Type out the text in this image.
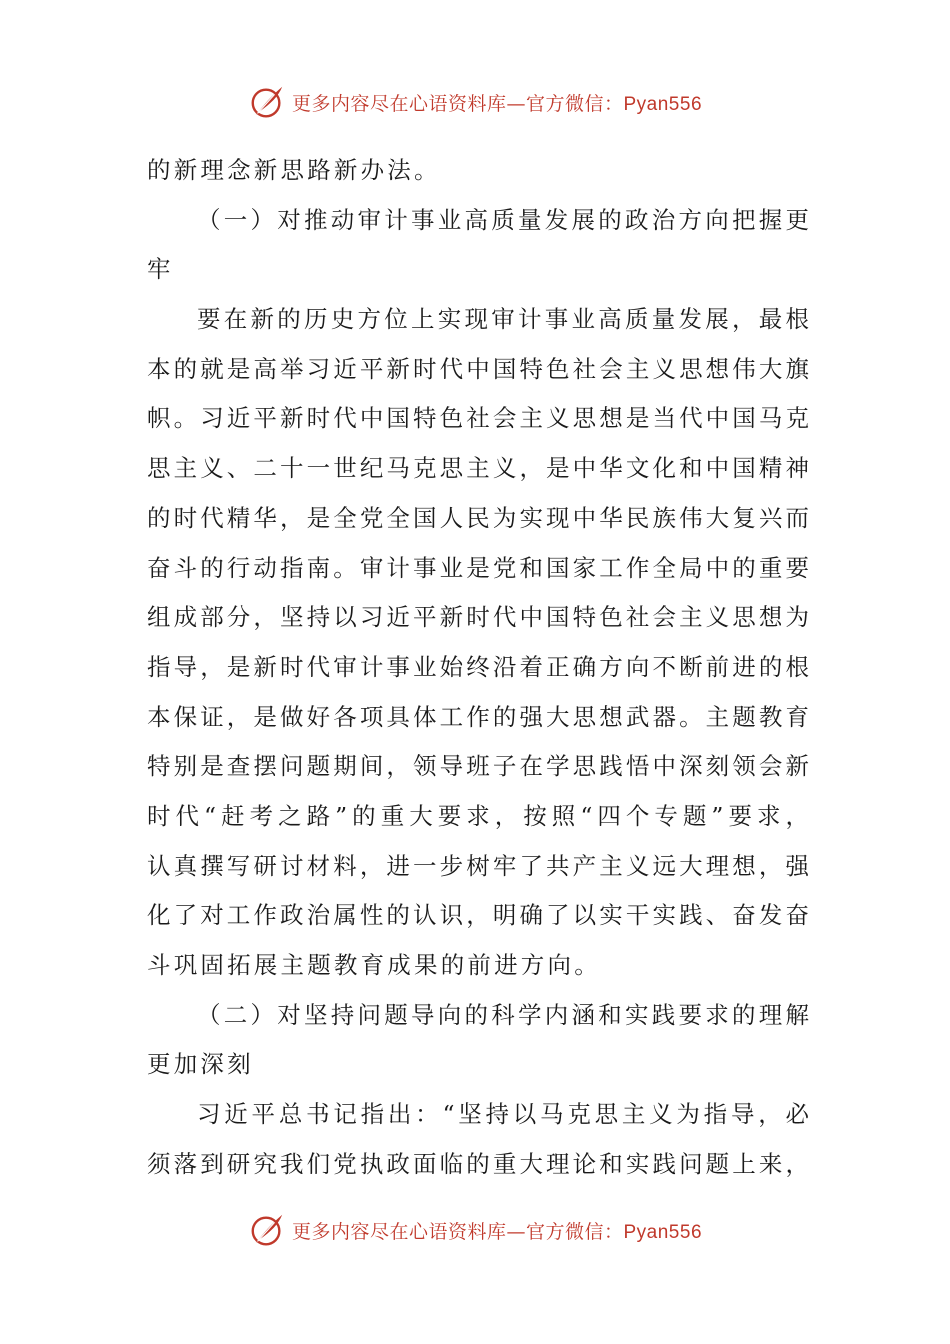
更多内容尽在心语资料库—官方微信：Pyan556
的新理念新思路新办法。
（一）对推动审计事业高质量发展的政治方向把握更
牢
要在新的历史方位上实现审计事业高质量发展，最根
本的就是高举习近平新时代中国特色社会主义思想伟大旗
帜。习近平新时代中国特色社会主义思想是当代中国马克
思主义、二十一世纪马克思主义，是中华文化和中国精神
的时代精华，是全党全国人民为实现中华民族伟大复兴而
奋斗的行动指南。审计事业是党和国家工作全局中的重要
组成部分，坚持以习近平新时代中国特色社会主义思想为
指导，是新时代审计事业始终沿着正确方向不断前进的根
本保证，是做好各项具体工作的强大思想武器。主题教育
特别是查摆问题期间，领导班子在学思践悟中深刻领会新
时代“赶考之路”的重大要求，按照“四个专题”要求，
认真撰写研讨材料，进一步树牢了共产主义远大理想，强
化了对工作政治属性的认识，明确了以实干实践、奋发奋
斗巩固拓展主题教育成果的前进方向。
（二）对坚持问题导向的科学内涵和实践要求的理解
更加深刻
习近平总书记指出：“坚持以马克思主义为指导，必
须落到研究我们党执政面临的重大理论和实践问题上来，
更多内容尽在心语资料库—官方微信：Pyan556
